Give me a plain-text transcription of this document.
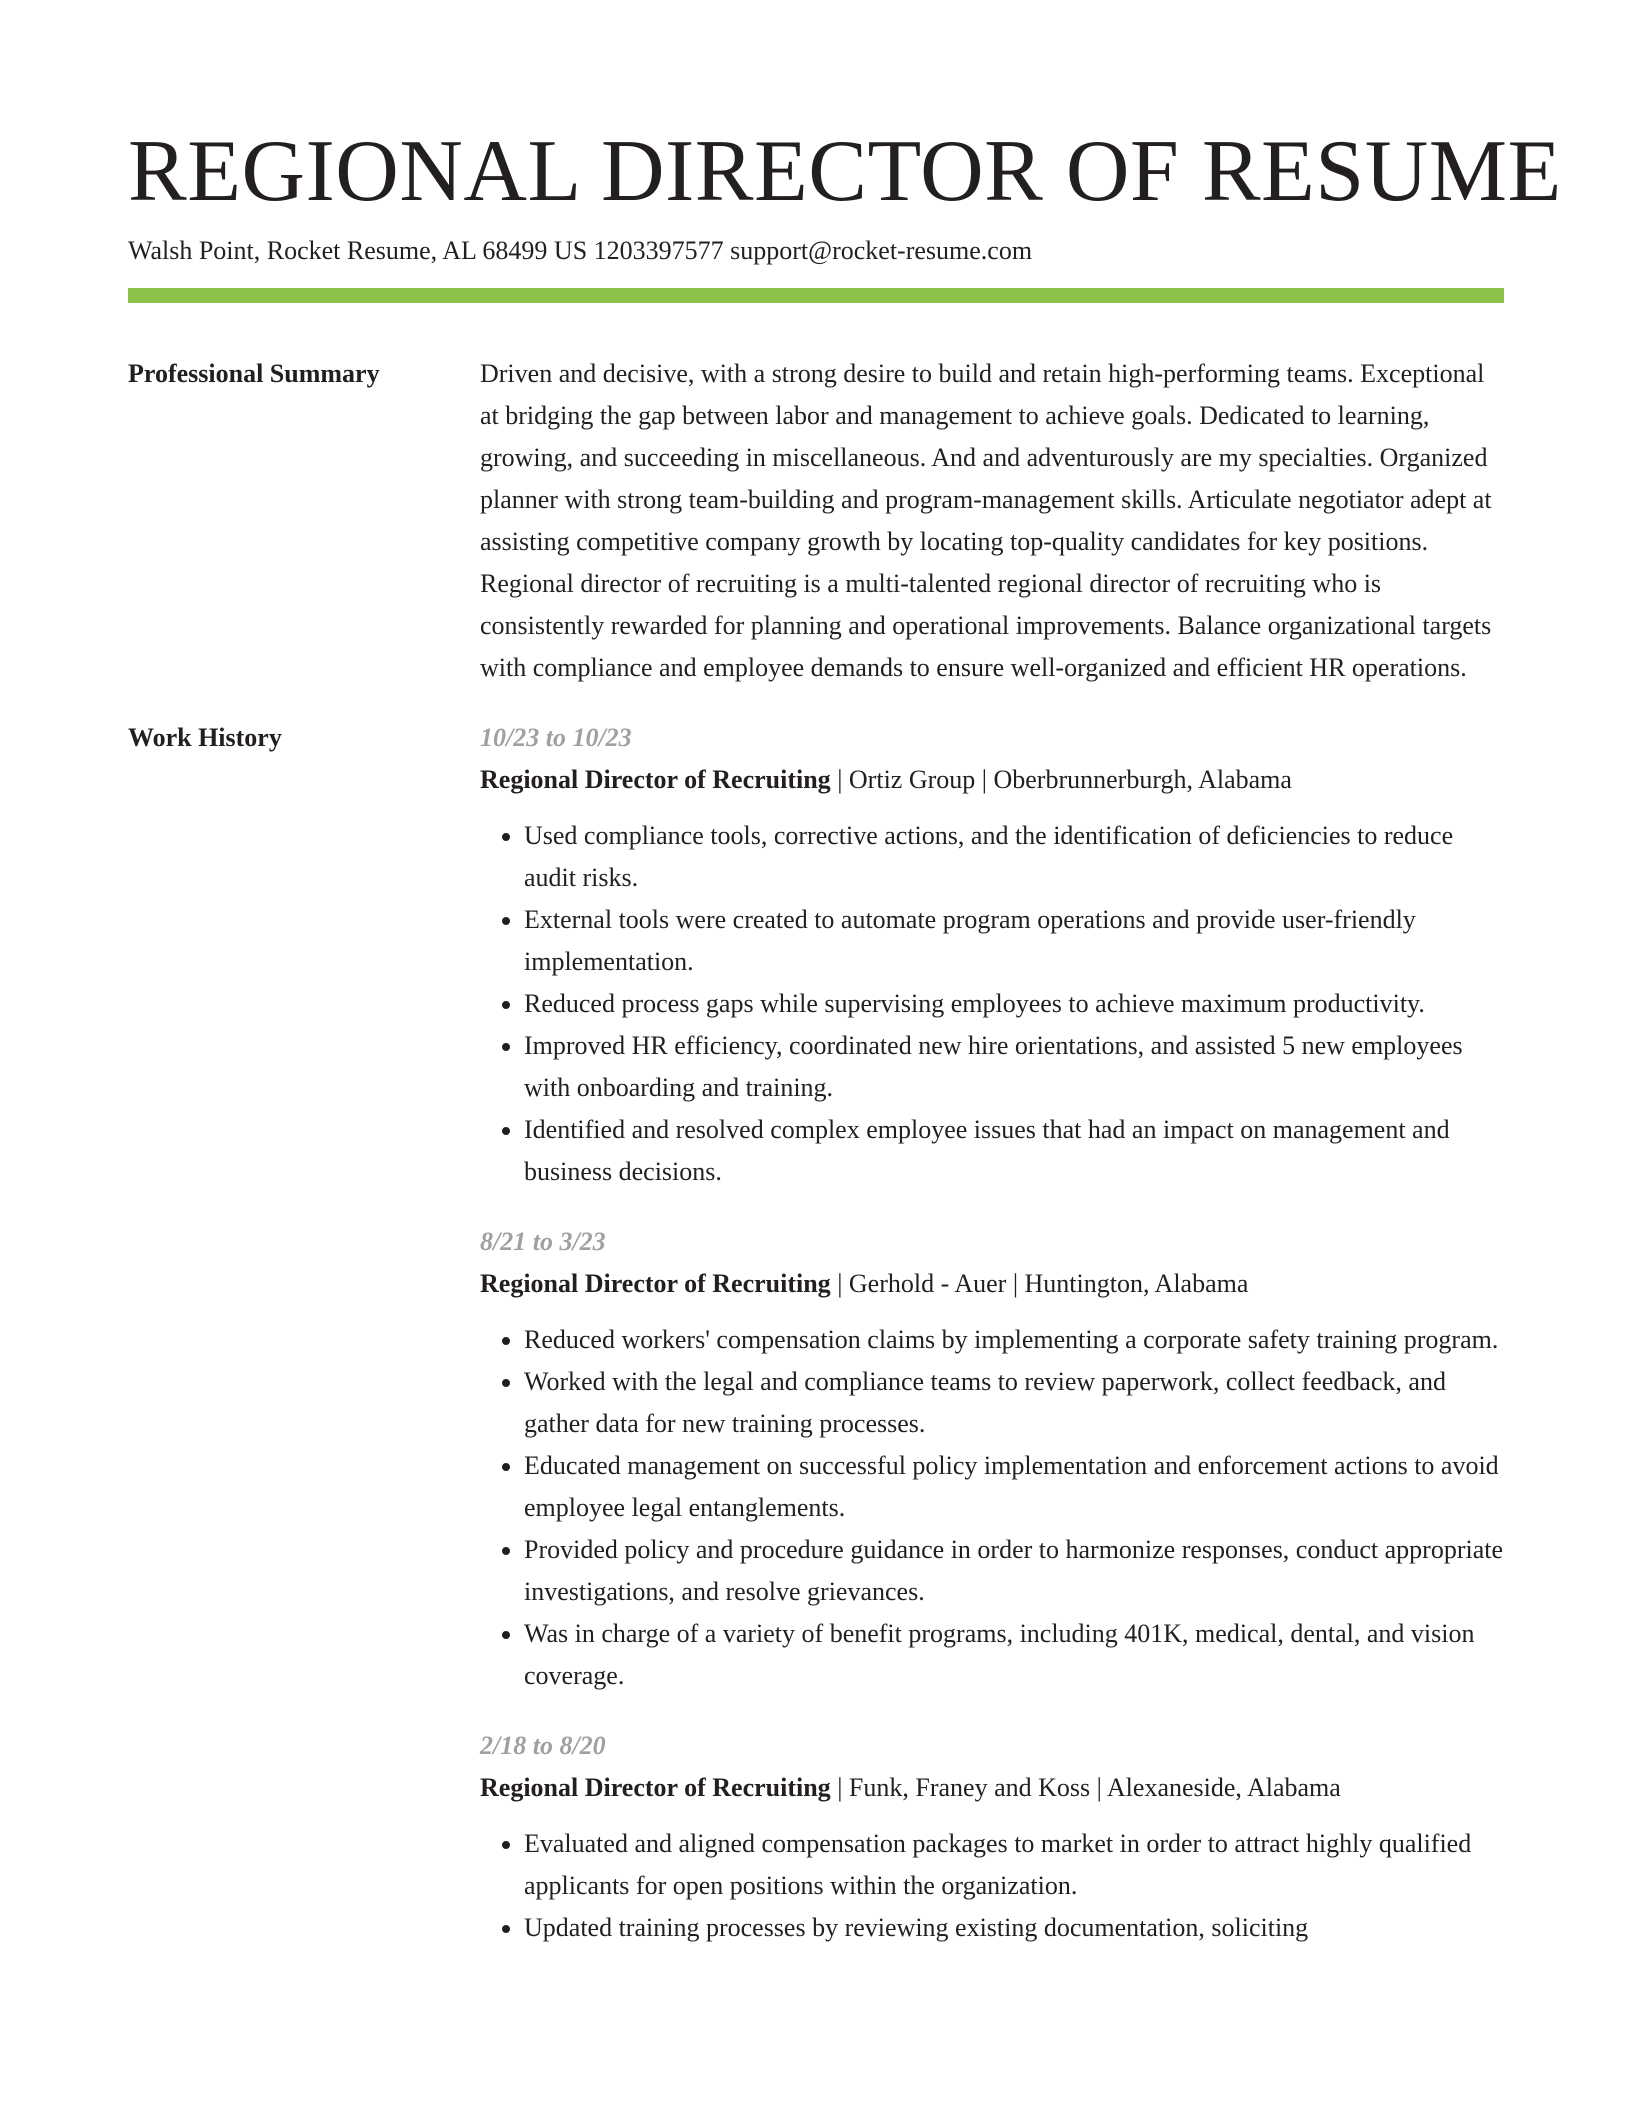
REGIONAL DIRECTOR OF RESUME
Walsh Point, Rocket Resume, AL 68499 US 1203397577 support@rocket-resume.com
Professional Summary	Driven and decisive, with a strong desire to build and retain high-performing teams. Exceptional at bridging the gap between labor and management to achieve goals. Dedicated to learning, growing, and succeeding in miscellaneous. And and adventurously are my specialties. Organized planner with strong team-building and program-management skills. Articulate negotiator adept at assisting competitive company growth by locating top-quality candidates for key positions. Regional director of recruiting is a multi-talented regional director of recruiting who is consistently rewarded for planning and operational improvements. Balance organizational targets with compliance and employee demands to ensure well-organized and efficient HR operations.

Work History	10/23 to 10/23
Regional Director of Recruiting | Ortiz Group | Oberbrunnerburgh, Alabama
• Used compliance tools, corrective actions, and the identification of deficiencies to reduce audit risks.
• External tools were created to automate program operations and provide user-friendly implementation.
• Reduced process gaps while supervising employees to achieve maximum productivity.
• Improved HR efficiency, coordinated new hire orientations, and assisted 5 new employees with onboarding and training.
• Identified and resolved complex employee issues that had an impact on management and business decisions.
8/21 to 3/23
Regional Director of Recruiting | Gerhold - Auer | Huntington, Alabama
• Reduced workers' compensation claims by implementing a corporate safety training program.
• Worked with the legal and compliance teams to review paperwork, collect feedback, and gather data for new training processes.
• Educated management on successful policy implementation and enforcement actions to avoid employee legal entanglements.
• Provided policy and procedure guidance in order to harmonize responses, conduct appropriate investigations, and resolve grievances.
• Was in charge of a variety of benefit programs, including 401K, medical, dental, and vision coverage.
2/18 to 8/20
Regional Director of Recruiting | Funk, Franey and Koss | Alexaneside, Alabama
• Evaluated and aligned compensation packages to market in order to attract highly qualified applicants for open positions within the organization.
• Updated training processes by reviewing existing documentation, soliciting
